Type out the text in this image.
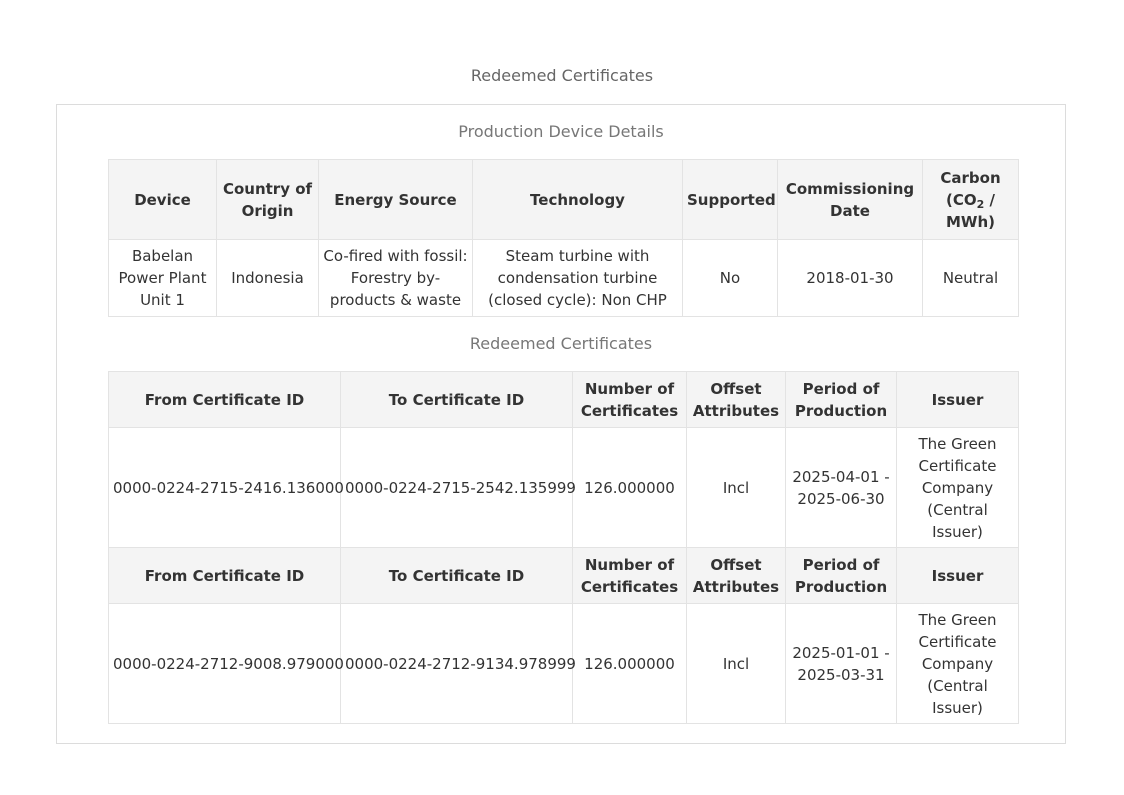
Redeemed Certificates
Production Device Details
Device	Country of Origin	Energy Source	Technology	Supported	Commissioning Date	Carbon $(CO_2 / MWh)$
Babelan Power Plant Unit 1	Indonesia	Co-fired with fossil: Forestry by-products & waste	Steam turbine with condensation turbine (closed cycle): Non CHP	No	2018-01-30	Neutral
Redeemed Certificates
From Certificate ID	To Certificate ID	Number of Certificates	Offset Attributes	Period of Production	Issuer
0000-0224-2715-2416.136000	0000-0224-2715-2542.135999	126.000000	Incl	2025-04-01 - 2025-06-30	The Green Certificate Company (Central Issuer)
From Certificate ID	To Certificate ID	Number of Certificates	Offset Attributes	Period of Production	Issuer
0000-0224-2712-9008.979000	0000-0224-2712-9134.978999	126.000000	Incl	2025-01-01 - 2025-03-31	The Green Certificate Company (Central Issuer)
